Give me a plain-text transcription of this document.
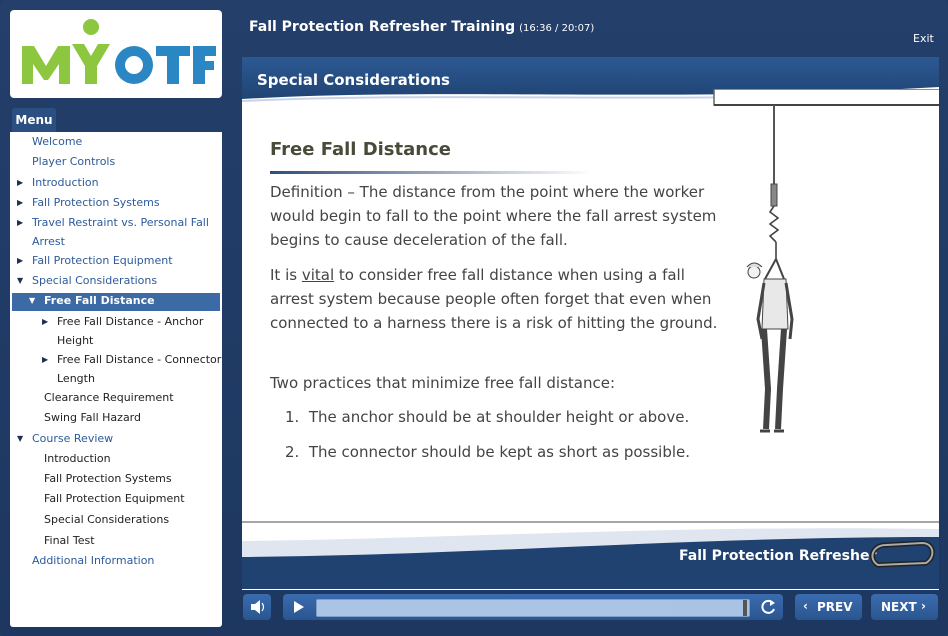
Menu
Welcome
Player Controls
▶ Introduction
▶ Fall Protection Systems
▶ Travel Restraint vs. Personal Fall
Arrest
▶ Fall Protection Equipment
▼ Special Considerations
▼ Free Fall Distance
▶ Free Fall Distance - Anchor
Height
▶ Free Fall Distance - Connector
Length
Clearance Requirement
Swing Fall Hazard
▼ Course Review
Introduction
Fall Protection Systems
Fall Protection Equipment
Special Considerations
Final Test
Additional Information
Fall Protection Refresher Training (16:36 / 20:07)
Exit
Special Considerations
Free Fall Distance
Definition – The distance from the point where the worker would begin to fall to the point where the fall arrest system begins to cause deceleration of the fall.
It is vital to consider free fall distance when using a fall arrest system because people often forget that even when connected to a harness there is a risk of hitting the ground.
Two practices that minimize free fall distance:
1. The anchor should be at shoulder height or above.
2. The connector should be kept as short as possible.
Fall Protection Refresher
‹ PREV NEXT ›
